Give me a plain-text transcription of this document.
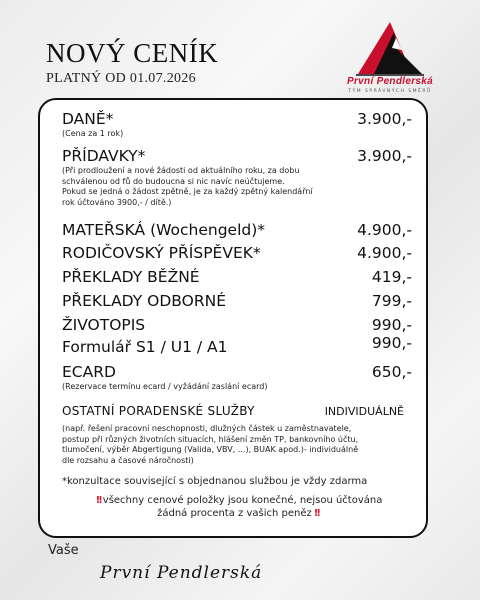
NOVÝ CENÍK
PLATNÝ OD 01.07.2026	První Pendlerská
TÝM SPRÁVNÝCH SMĚRŮ
DANĚ*	3.900,-
(Cena za 1 rok)
PŘÍDAVKY*	3.900,-
(Při prodloužení a nové žádosti od aktuálního roku, za dobu
schválenou od fů do budoucna si nic navíc neúčtujeme.
Pokud se jedná o žádost zpětně, je za každý zpětný kalendářní
rok účtováno 3900,- / dítě.)
MATEŘSKÁ (Wochengeld)*	4.900,-
RODIČOVSKÝ PŘÍSPĚVEK*	4.900,-
PŘEKLADY BĚŽNÉ	419,-
PŘEKLADY ODBORNÉ	799,-
ŽIVOTOPIS	990,-
Formulář S1 / U1 / A1	990,-
ECARD	650,-
(Rezervace termínu ecard / vyžádání zaslání ecard)
OSTATNÍ PORADENSKÉ SLUŽBY	INDIVIDUÁLNĚ
(např. řešení pracovní neschopnosti, dlužných částek u zaměstnavatele,
postup při různých životních situacích, hlášení změn TP, bankovního účtu,
tlumočení, výběr Abgertigung (Valida, VBV, ...), BUAK apod.)- individuálně
dle rozsahu a časové náročnosti)
*konzultace související s objednanou službou je vždy zdarma
!! všechny cenové položky jsou konečné, nejsou účtována
žádná procenta z vašich peněz !!
Vaše
První Pendlerská
